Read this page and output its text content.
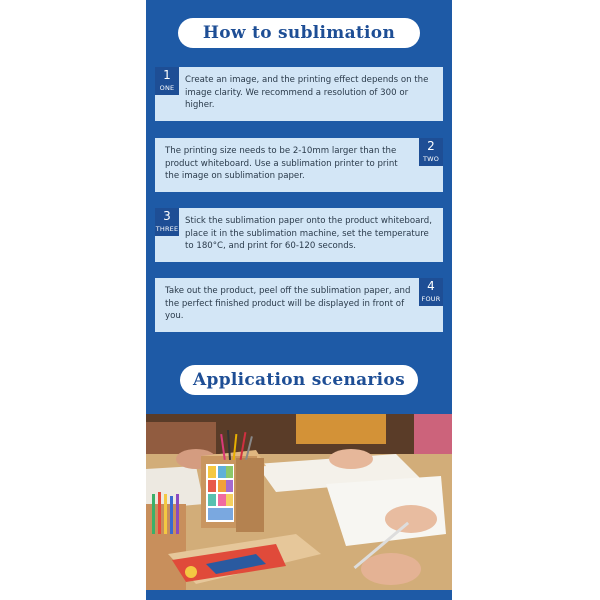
How to sublimation
1
ONE
Create an image, and the printing effect depends on the image clarity. We recommend a resolution of 300 or higher.
The printing size needs to be 2-10mm larger than the product whiteboard. Use a sublimation printer to print the image on sublimation paper.
2
TWO
3
THREE
Stick the sublimation paper onto the product whiteboard, place it in the sublimation machine, set the temperature to 180°C, and print for 60-120 seconds.
Take out the product, peel off the sublimation paper, and the perfect finished product will be displayed in front of you.
4
FOUR
Application scenarios
